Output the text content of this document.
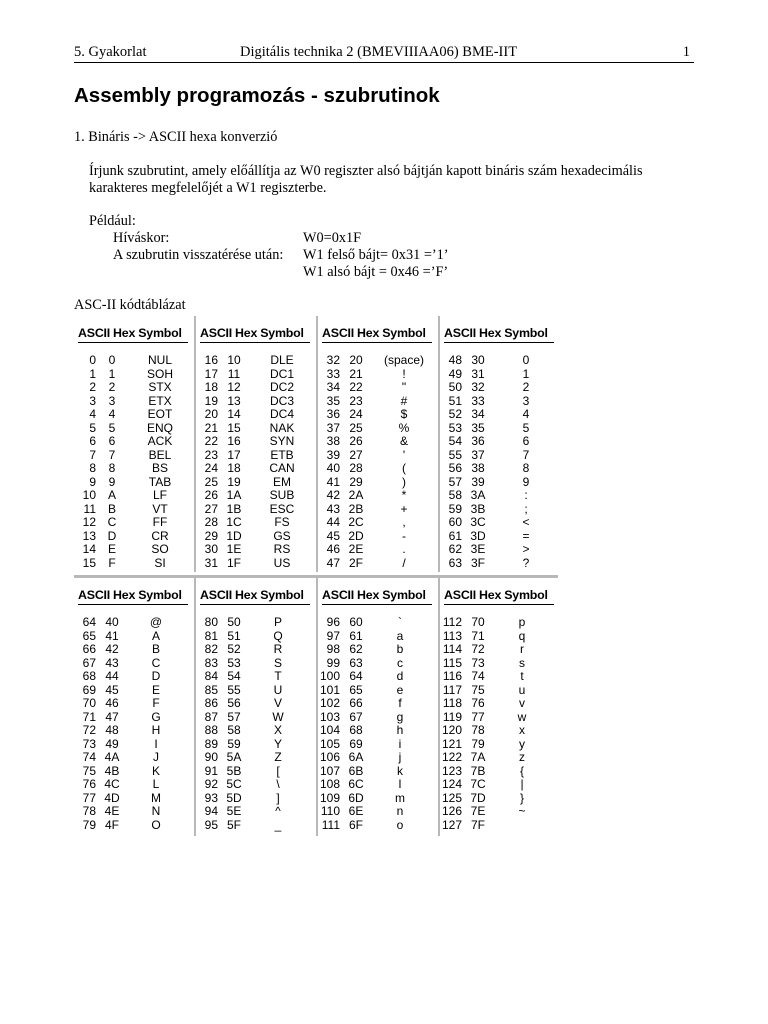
5. Gyakorlat	Digitális technika 2 (BMEVIIIAA06) BME-IIT	1
Assembly programozás - szubrutinok
1. Bináris -> ASCII hexa konverzió
Írjunk szubrutint, amely előállítja az W0 regiszter alsó bájtján kapott bináris szám hexadecimális
karakteres megfelelőjét a W1 regiszterbe.
Például:
Híváskor:	W0=0x1F
A szubrutin visszatérése után: W1 felső bájt= 0x31 =’1’
W1 alsó bájt = 0x46 =’F’
ASC-II kódtáblázat
ASCII Hex Symbol
0	0	NUL
1	1	SOH
2	2	STX
3	3	ETX
4	4	EOT
5	5	ENQ
6	6	ACK
7	7	BEL
8	8	BS
9	9	TAB
10 A	LF
11 B	VT
12 C	FF
13 D	CR
14 E	SO
15	F	SI
ASCII Hex Symbol
16 10	DLE
17 11	DC1
18 12	DC2
19 13	DC3
20 14	DC4
21 15	NAK
22 16	SYN
23 17	ETB
24 18	CAN
25 19	EM
26 1A	SUB
27 1B	ESC
28 1C	FS
29 1D	GS
30 1E	RS
31 1F	US
ASCII Hex Symbol
32 20	(space)
33 21	!
34 22	"
35 23	#
36 24	$
37 25	%
38 26	&
39 27	'
40 28	(
41 29	)
42 2A	*
43 2B	+
44 2C	,
45 2D	-
46 2E	.
47 2F	/
ASCII Hex Symbol
48 30	0
49 31	1
50 32	2
51 33	3
52 34	4
53 35	5
54 36	6
55 37	7
56 38	8
57 39	9
58 3A	:
59 3B	;
60 3C	<
61 3D	=
62 3E	>
63 3F	?
ASCII Hex Symbol
64 40	@
65 41	A
66 42	B
67 43	C
68 44	D
69 45	E
70 46	F
71 47	G
72 48	H
73 49	I
74 4A	J
75 4B	K
76 4C	L
77 4D	M
78 4E	N
79 4F	O
ASCII Hex Symbol
80 50	P
81 51	Q
82 52	R
83 53	S
84 54	T
85 55	U
86 56	V
87 57	W
88 58	X
89 59	Y
90 5A	Z
91 5B	[
92 5C	\
93 5D	]
94 5E	^
95 5F	_
ASCII Hex Symbol
96 60	`
97 61	a
98 62	b
99 63	c
100 64	d
101 65	e
102 66	f
103 67	g
104 68	h
105 69	i
106 6A	j
107 6B	k
108 6C	l
109 6D	m
110 6E	n
111 6F	o
ASCII Hex Symbol
112 70	p
113 71	q
114 72	r
115 73	s
116 74	t
117 75	u
118 76	v
119 77	w
120 78	x
121 79	y
122 7A	z
123 7B	{
124 7C	|
125 7D	}
126 7E	~
127 7F
